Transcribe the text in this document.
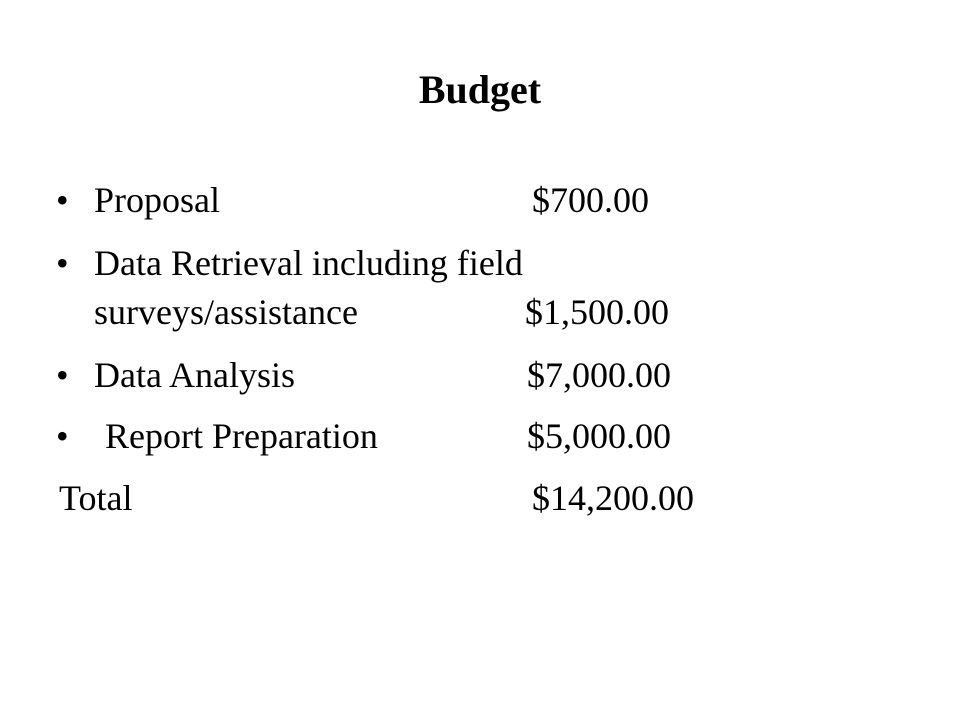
Budget
• Proposal	$700.00
• Data Retrieval including field
surveys/assistance	$1,500.00
• Data Analysis	$7,000.00
• Report Preparation	$5,000.00
Total	$14,200.00
